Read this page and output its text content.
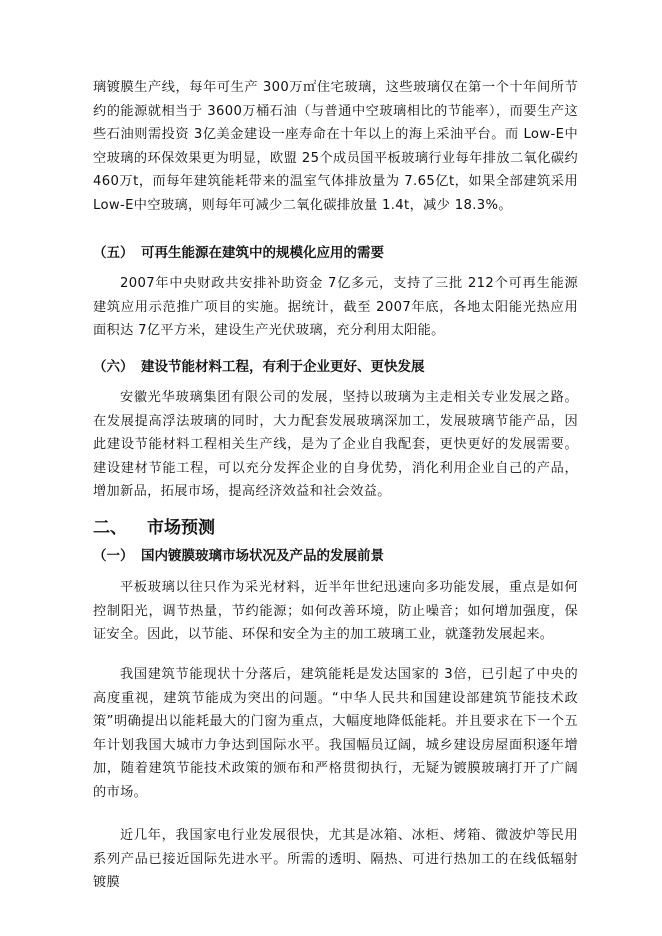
璃镀膜生产线，每年可生产 300万㎡住宅玻璃，这些玻璃仅在第一个十年间所节约的能源就相当于 3600万桶石油（与普通中空玻璃相比的节能率），而要生产这些石油则需投资 3亿美金建设一座寿命在十年以上的海上采油平台。而 Low-E中空玻璃的环保效果更为明显，欧盟 25个成员国平板玻璃行业每年排放二氧化碳约 460万t，而每年建筑能耗带来的温室气体排放量为 7.65亿t，如果全部建筑采用 Low-E中空玻璃，则每年可减少二氧化碳排放量 1.4t，减少 18.3%。

（五） 可再生能源在建筑中的规模化应用的需要

2007年中央财政共安排补助资金 7亿多元，支持了三批 212个可再生能源建筑应用示范推广项目的实施。据统计，截至 2007年底，各地太阳能光热应用面积达 7亿平方米，建设生产光伏玻璃，充分利用太阳能。

（六） 建设节能材料工程，有利于企业更好、更快发展

安徽光华玻璃集团有限公司的发展，坚持以玻璃为主走相关专业发展之路。在发展提高浮法玻璃的同时，大力配套发展玻璃深加工，发展玻璃节能产品，因此建设节能材料工程相关生产线，是为了企业自我配套，更快更好的发展需要。建设建材节能工程，可以充分发挥企业的自身优势，消化利用企业自己的产品，增加新品，拓展市场，提高经济效益和社会效益。

二、 市场预测
（一） 国内镀膜玻璃市场状况及产品的发展前景

平板玻璃以往只作为采光材料，近半年世纪迅速向多功能发展，重点是如何控制阳光，调节热量，节约能源；如何改善环境，防止噪音；如何增加强度，保证安全。因此，以节能、环保和安全为主的加工玻璃工业，就蓬勃发展起来。

我国建筑节能现状十分落后，建筑能耗是发达国家的 3倍，已引起了中央的高度重视，建筑节能成为突出的问题。“中华人民共和国建设部建筑节能技术政策”明确提出以能耗最大的门窗为重点，大幅度地降低能耗。并且要求在下一个五年计划我国大城市力争达到国际水平。我国幅员辽阔，城乡建设房屋面积逐年增加，随着建筑节能技术政策的颁布和严格贯彻执行，无疑为镀膜玻璃打开了广阔的市场。

近几年，我国家电行业发展很快，尤其是冰箱、冰柜、烤箱、微波炉等民用系列产品已接近国际先进水平。所需的透明、隔热、可进行热加工的在线低辐射镀膜
